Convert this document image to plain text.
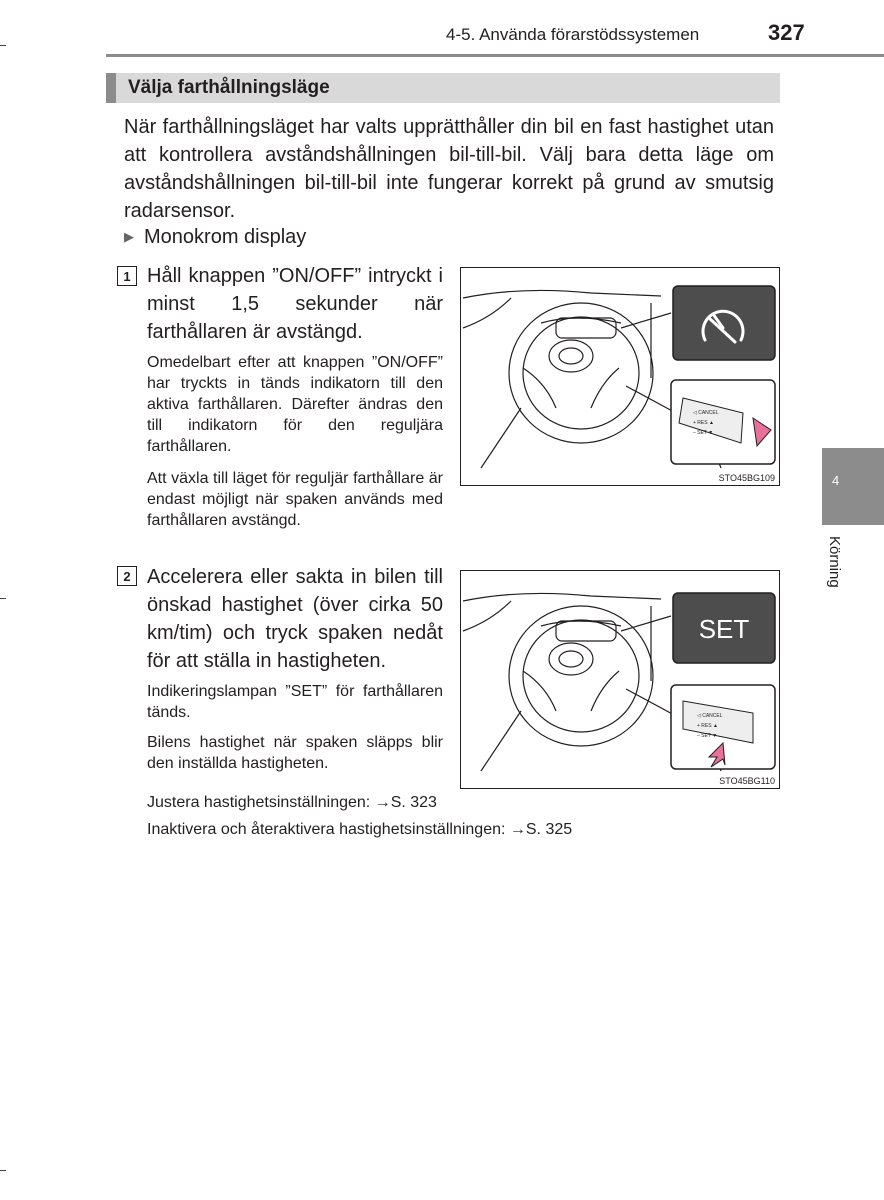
4-5. Använda förarstödssystemen	327
Välja farthållningsläge
När farthållningsläget har valts upprätthåller din bil en fast hastighet utan att kontrollera avståndshållningen bil-till-bil. Välj bara detta läge om avståndshållningen bil-till-bil inte fungerar korrekt på grund av smutsig radarsensor.
▶ Monokrom display
1 Håll knappen ”ON/OFF” intryckt i minst 1,5 sekunder när farthållaren är avstängd.
Omedelbart efter att knappen ”ON/OFF” har tryckts in tänds indikatorn till den aktiva farthållaren. Därefter ändras den till indikatorn för den reguljära farthållaren.
Att växla till läget för reguljär farthållare är endast möjligt när spaken används med farthållaren avstängd.
◁ CANCEL
+ RES ▲
– SET ▼
STO45BG109
2 Accelerera eller sakta in bilen till önskad hastighet (över cirka 50 km/tim) och tryck spaken nedåt för att ställa in hastigheten.
Indikeringslampan ”SET” för farthållaren tänds.
Bilens hastighet när spaken släpps blir den inställda hastigheten.
SET
◁ CANCEL
+ RES ▲
– SET ▼
STO45BG110
Justera hastighetsinställningen: →S. 323
Inaktivera och återaktivera hastighetsinställningen: →S. 325
4
Körning
